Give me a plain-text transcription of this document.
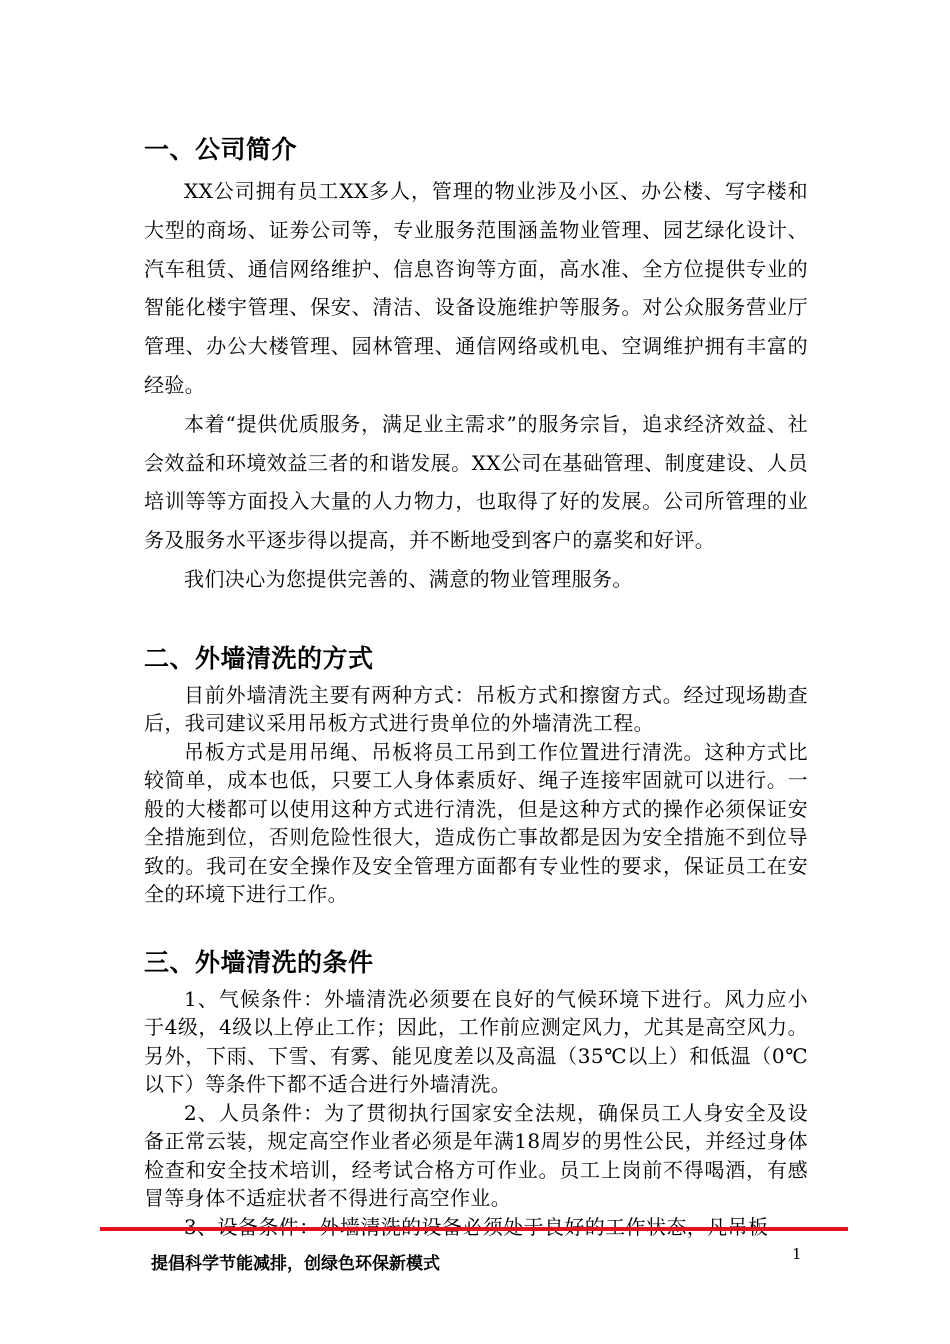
一、公司简介

XX公司拥有员工XX多人，管理的物业涉及小区、办公楼、写字楼和大型的商场、证劵公司等，专业服务范围涵盖物业管理、园艺绿化设计、汽车租赁、通信网络维护、信息咨询等方面，高水准、全方位提供专业的智能化楼宇管理、保安、清洁、设备设施维护等服务。对公众服务营业厅管理、办公大楼管理、园林管理、通信网络或机电、空调维护拥有丰富的经验。

本着“提供优质服务，满足业主需求”的服务宗旨，追求经济效益、社会效益和环境效益三者的和谐发展。XX公司在基础管理、制度建设、人员培训等等方面投入大量的人力物力，也取得了好的发展。公司所管理的业务及服务水平逐步得以提高，并不断地受到客户的嘉奖和好评。

我们决心为您提供完善的、满意的物业管理服务。

二、外墙清洗的方式

目前外墙清洗主要有两种方式：吊板方式和擦窗方式。经过现场勘查后，我司建议采用吊板方式进行贵单位的外墙清洗工程。

吊板方式是用吊绳、吊板将员工吊到工作位置进行清洗。这种方式比较简单，成本也低，只要工人身体素质好、绳子连接牢固就可以进行。一般的大楼都可以使用这种方式进行清洗，但是这种方式的操作必须保证安全措施到位，否则危险性很大，造成伤亡事故都是因为安全措施不到位导致的。我司在安全操作及安全管理方面都有专业性的要求，保证员工在安全的环境下进行工作。

三、外墙清洗的条件

1、气候条件：外墙清洗必须要在良好的气候环境下进行。风力应小于4级，4级以上停止工作；因此，工作前应测定风力，尤其是高空风力。另外，下雨、下雪、有雾、能见度差以及高温（35℃以上）和低温（0℃以下）等条件下都不适合进行外墙清洗。

2、人员条件：为了贯彻执行国家安全法规，确保员工人身安全及设备正常云装，规定高空作业者必须是年满18周岁的男性公民，并经过身体检查和安全技术培训，经考试合格方可作业。员工上岗前不得喝酒，有感冒等身体不适症状者不得进行高空作业。

提倡科学节能减排，创绿色环保新模式	1
